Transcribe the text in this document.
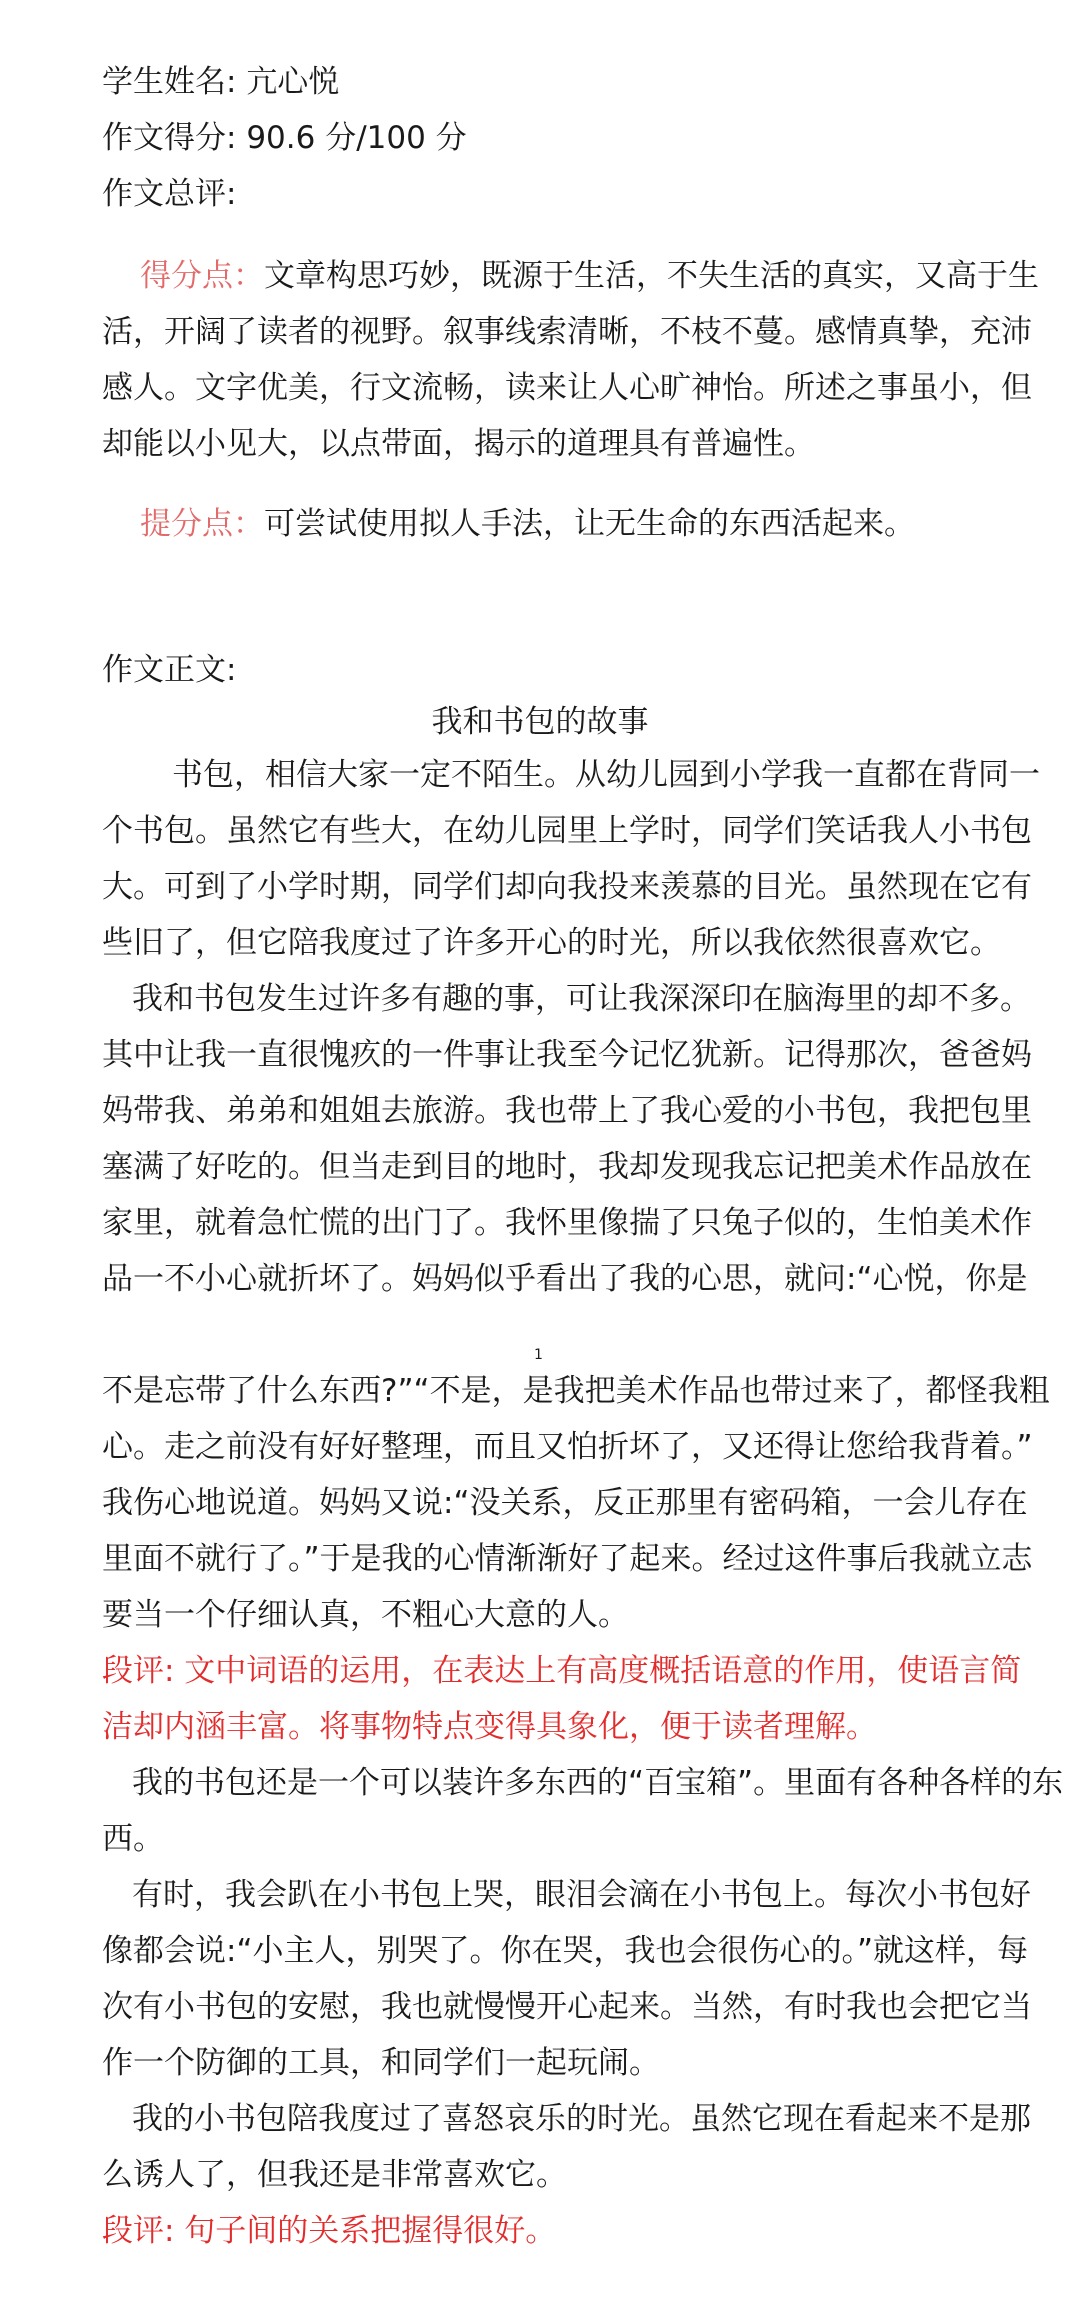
学生姓名: 亢心悦
作文得分: 90.6 分/100 分
作文总评:
得分点：文章构思巧妙，既源于生活，不失生活的真实，又高于生
活，开阔了读者的视野。叙事线索清晰，不枝不蔓。感情真挚，充沛
感人。文字优美，行文流畅，读来让人心旷神怡。所述之事虽小，但
却能以小见大，以点带面，揭示的道理具有普遍性。
提分点：可尝试使用拟人手法，让无生命的东西活起来。
作文正文:
我和书包的故事
书包，相信大家一定不陌生。从幼儿园到小学我一直都在背同一
个书包。虽然它有些大，在幼儿园里上学时，同学们笑话我人小书包
大。可到了小学时期，同学们却向我投来羡慕的目光。虽然现在它有
些旧了，但它陪我度过了许多开心的时光，所以我依然很喜欢它。
我和书包发生过许多有趣的事，可让我深深印在脑海里的却不多。
其中让我一直很愧疚的一件事让我至今记忆犹新。记得那次，爸爸妈
妈带我、弟弟和姐姐去旅游。我也带上了我心爱的小书包，我把包里
塞满了好吃的。但当走到目的地时，我却发现我忘记把美术作品放在
家里，就着急忙慌的出门了。我怀里像揣了只兔子似的，生怕美术作
品一不小心就折坏了。妈妈似乎看出了我的心思，就问:“心悦，你是
1
不是忘带了什么东西?”“不是，是我把美术作品也带过来了，都怪我粗
心。走之前没有好好整理，而且又怕折坏了，又还得让您给我背着。”
我伤心地说道。妈妈又说:“没关系，反正那里有密码箱，一会儿存在
里面不就行了。”于是我的心情渐渐好了起来。经过这件事后我就立志
要当一个仔细认真，不粗心大意的人。
段评: 文中词语的运用，在表达上有高度概括语意的作用，使语言简
洁却内涵丰富。将事物特点变得具象化，便于读者理解。
我的书包还是一个可以装许多东西的“百宝箱”。里面有各种各样的东
西。
有时，我会趴在小书包上哭，眼泪会滴在小书包上。每次小书包好
像都会说:“小主人，别哭了。你在哭，我也会很伤心的。”就这样，每
次有小书包的安慰，我也就慢慢开心起来。当然，有时我也会把它当
作一个防御的工具，和同学们一起玩闹。
我的小书包陪我度过了喜怒哀乐的时光。虽然它现在看起来不是那
么诱人了，但我还是非常喜欢它。
段评: 句子间的关系把握得很好。
